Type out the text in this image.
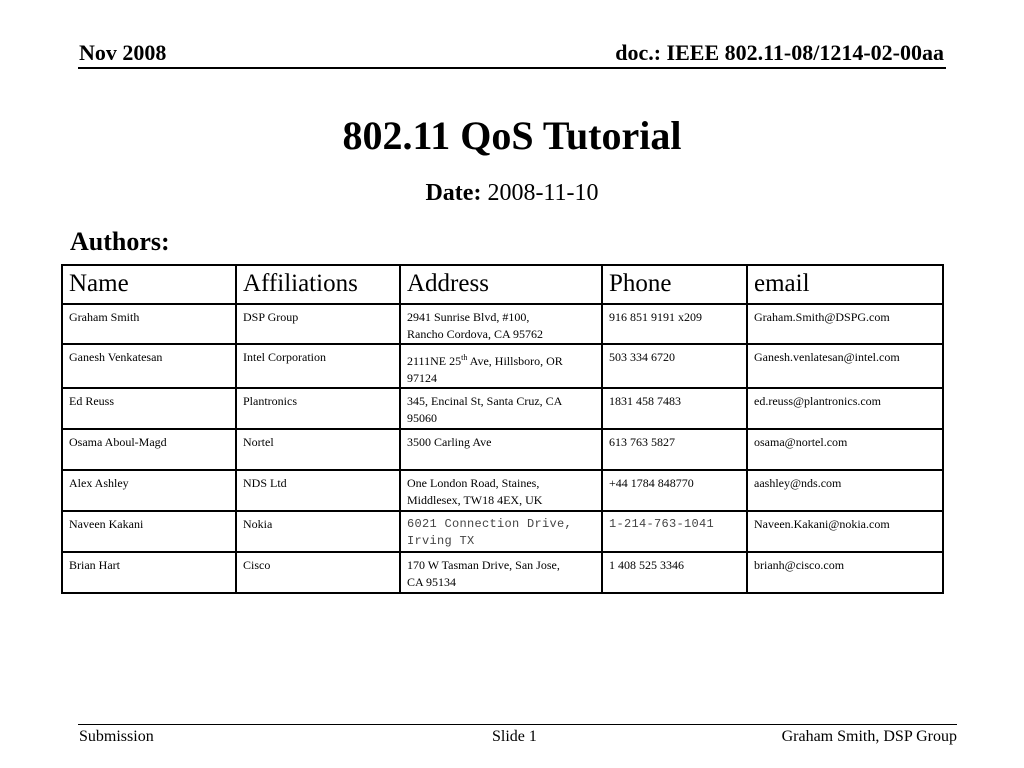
Nov 2008	doc.: IEEE 802.11-08/1214-02-00aa
802.11 QoS Tutorial
Date: 2008-11-10
Authors:
Name	Affiliations	Address	Phone	email
Graham Smith	DSP Group	2941 Sunrise Blvd, #100,
Rancho Cordova, CA 95762	916 851 9191 x209	Graham.Smith@DSPG.com
Ganesh Venkatesan	Intel Corporation	2111NE 25th Ave, Hillsboro, OR
97124	503 334 6720	Ganesh.venlatesan@intel.com
Ed Reuss	Plantronics	345, Encinal St, Santa Cruz, CA
95060	1831 458 7483	ed.reuss@plantronics.com
Osama Aboul-Magd	Nortel	3500 Carling Ave	613 763 5827	osama@nortel.com
Alex Ashley	NDS Ltd	One London Road, Staines,
Middlesex, TW18 4EX, UK	+44 1784 848770	aashley@nds.com
Naveen Kakani	Nokia	6021 Connection Drive,
Irving TX	1-214-763-1041	Naveen.Kakani@nokia.com
Brian Hart	Cisco	170 W Tasman Drive, San Jose,
CA 95134	1 408 525 3346	brianh@cisco.com
Submission	Slide 1	Graham Smith, DSP Group
